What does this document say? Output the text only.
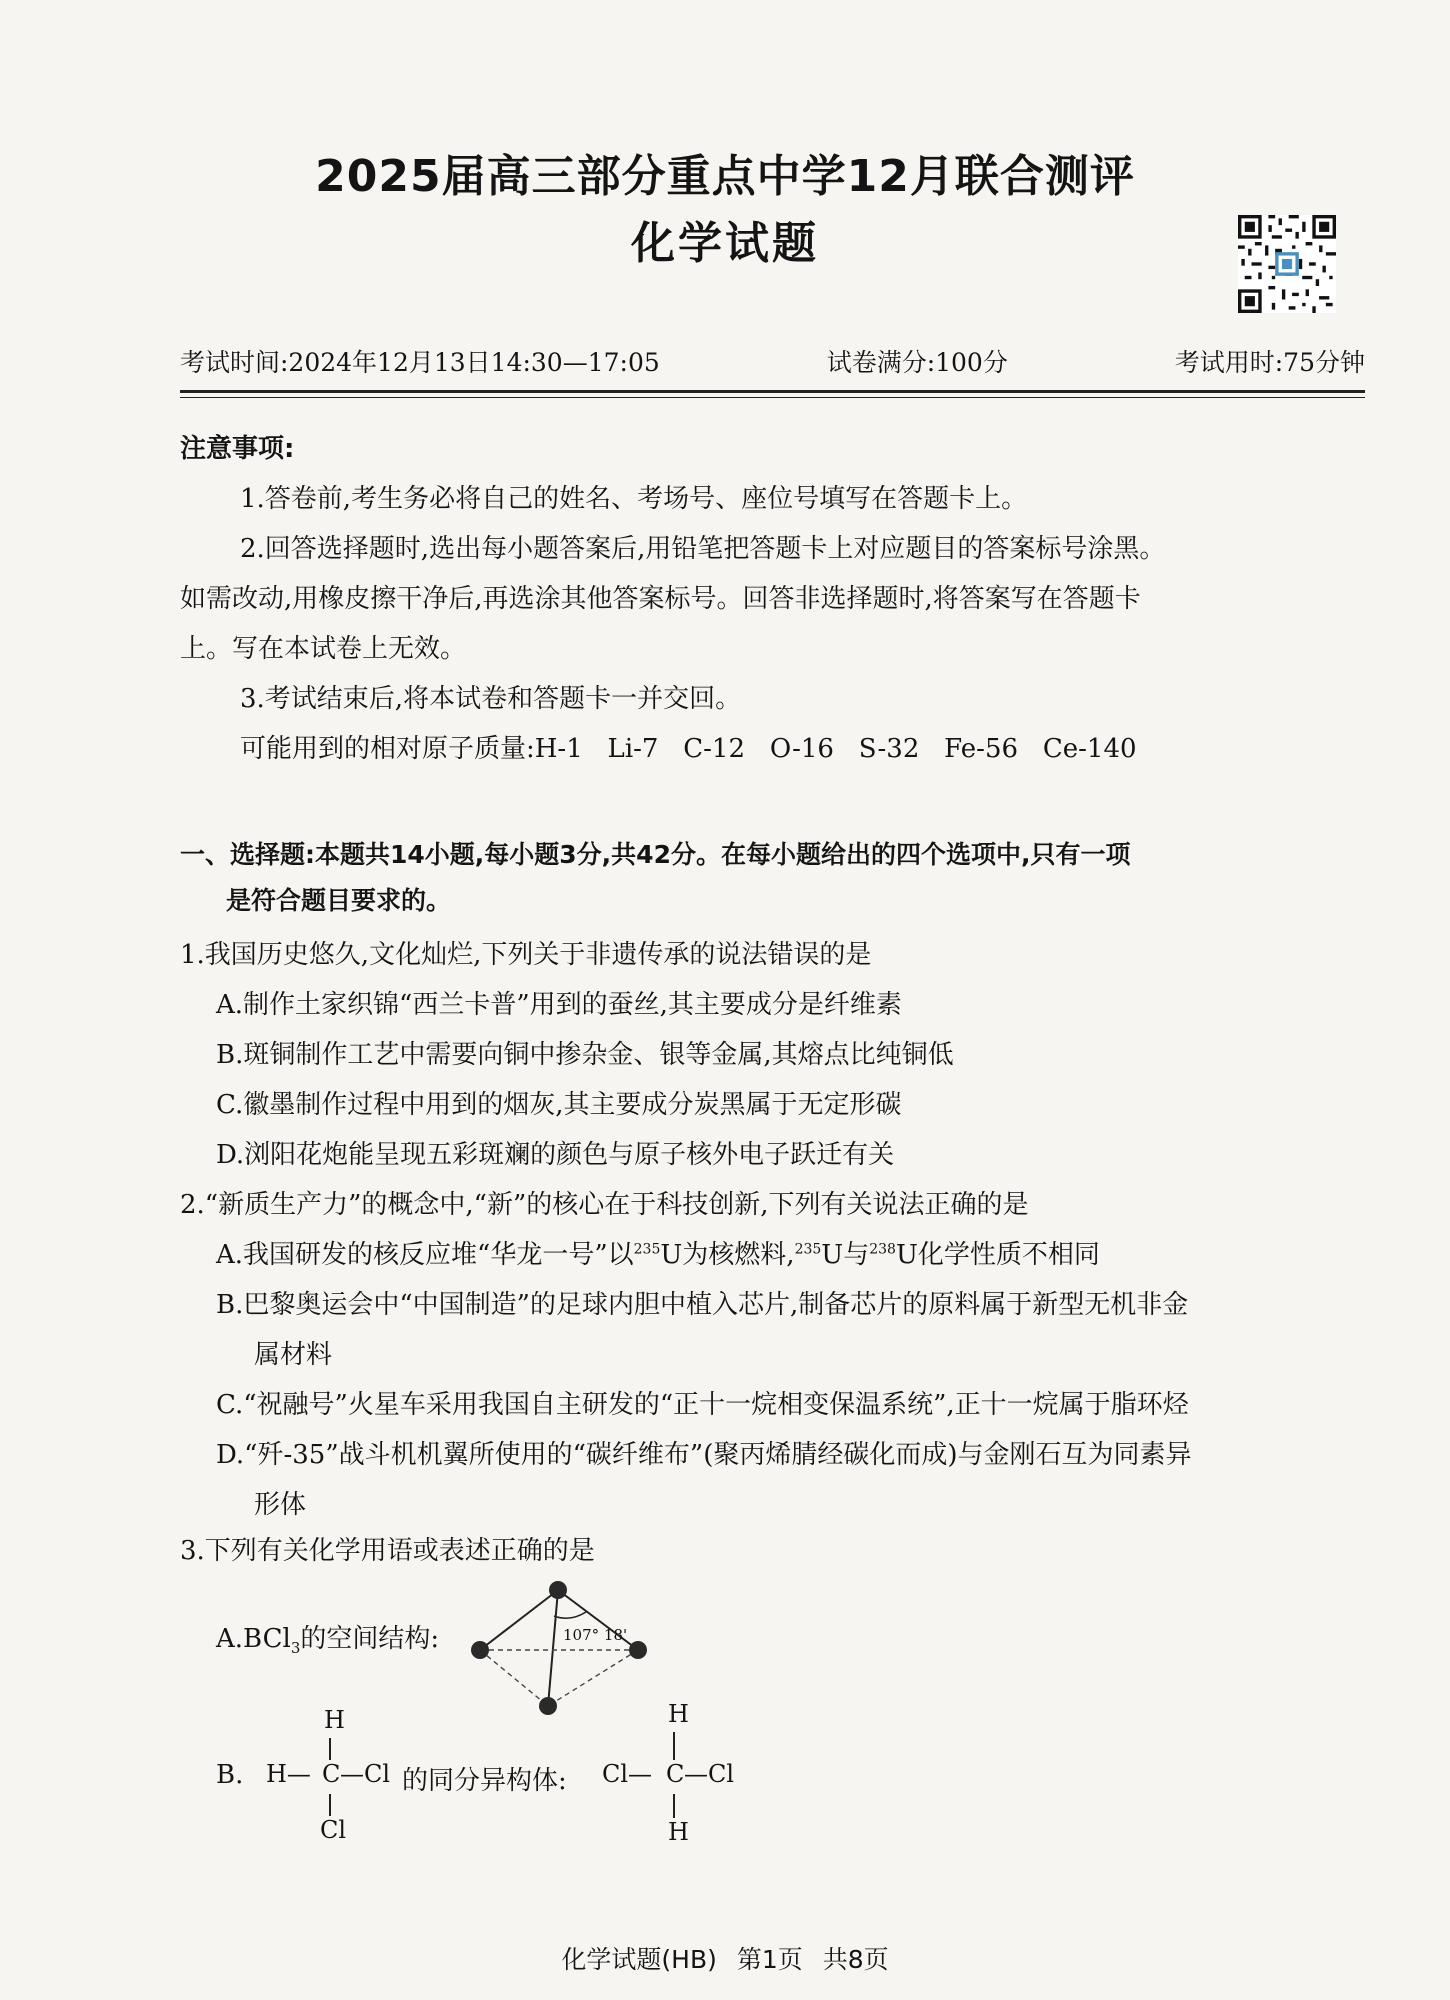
2025届高三部分重点中学12月联合测评
化学试题
考试时间:2024年12月13日14:30—17:05	试卷满分:100分	考试用时:75分钟
注意事项:
1.答卷前,考生务必将自己的姓名、考场号、座位号填写在答题卡上。
2.回答选择题时,选出每小题答案后,用铅笔把答题卡上对应题目的答案标号涂黑。
如需改动,用橡皮擦干净后,再选涂其他答案标号。回答非选择题时,将答案写在答题卡
上。写在本试卷上无效。
3.考试结束后,将本试卷和答题卡一并交回。
可能用到的相对原子质量:H-1   Li-7   C-12   O-16   S-32   Fe-56   Ce-140
一、选择题:本题共14小题,每小题3分,共42分。在每小题给出的四个选项中,只有一项
是符合题目要求的。
1.我国历史悠久,文化灿烂,下列关于非遗传承的说法错误的是
A.制作土家织锦“西兰卡普”用到的蚕丝,其主要成分是纤维素
B.斑铜制作工艺中需要向铜中掺杂金、银等金属,其熔点比纯铜低
C.徽墨制作过程中用到的烟灰,其主要成分炭黑属于无定形碳
D.浏阳花炮能呈现五彩斑斓的颜色与原子核外电子跃迁有关
2.“新质生产力”的概念中,“新”的核心在于科技创新,下列有关说法正确的是
A.我国研发的核反应堆“华龙一号”以$^{235}$U为核燃料,$^{235}$U与$^{238}$U化学性质不相同
B.巴黎奥运会中“中国制造”的足球内胆中植入芯片,制备芯片的原料属于新型无机非金
属材料
C.“祝融号”火星车采用我国自主研发的“正十一烷相变保温系统”,正十一烷属于脂环烃
D.“歼-35”战斗机机翼所使用的“碳纤维布”(聚丙烯腈经碳化而成)与金刚石互为同素异
形体
3.下列有关化学用语或表述正确的是
A.BCl$_3$的空间结构:	107° 18'
B.
H
H— C —Cl
Cl
的同分异构体:
H
Cl— C —Cl
H
化学试题(HB) 第1页 共8页
